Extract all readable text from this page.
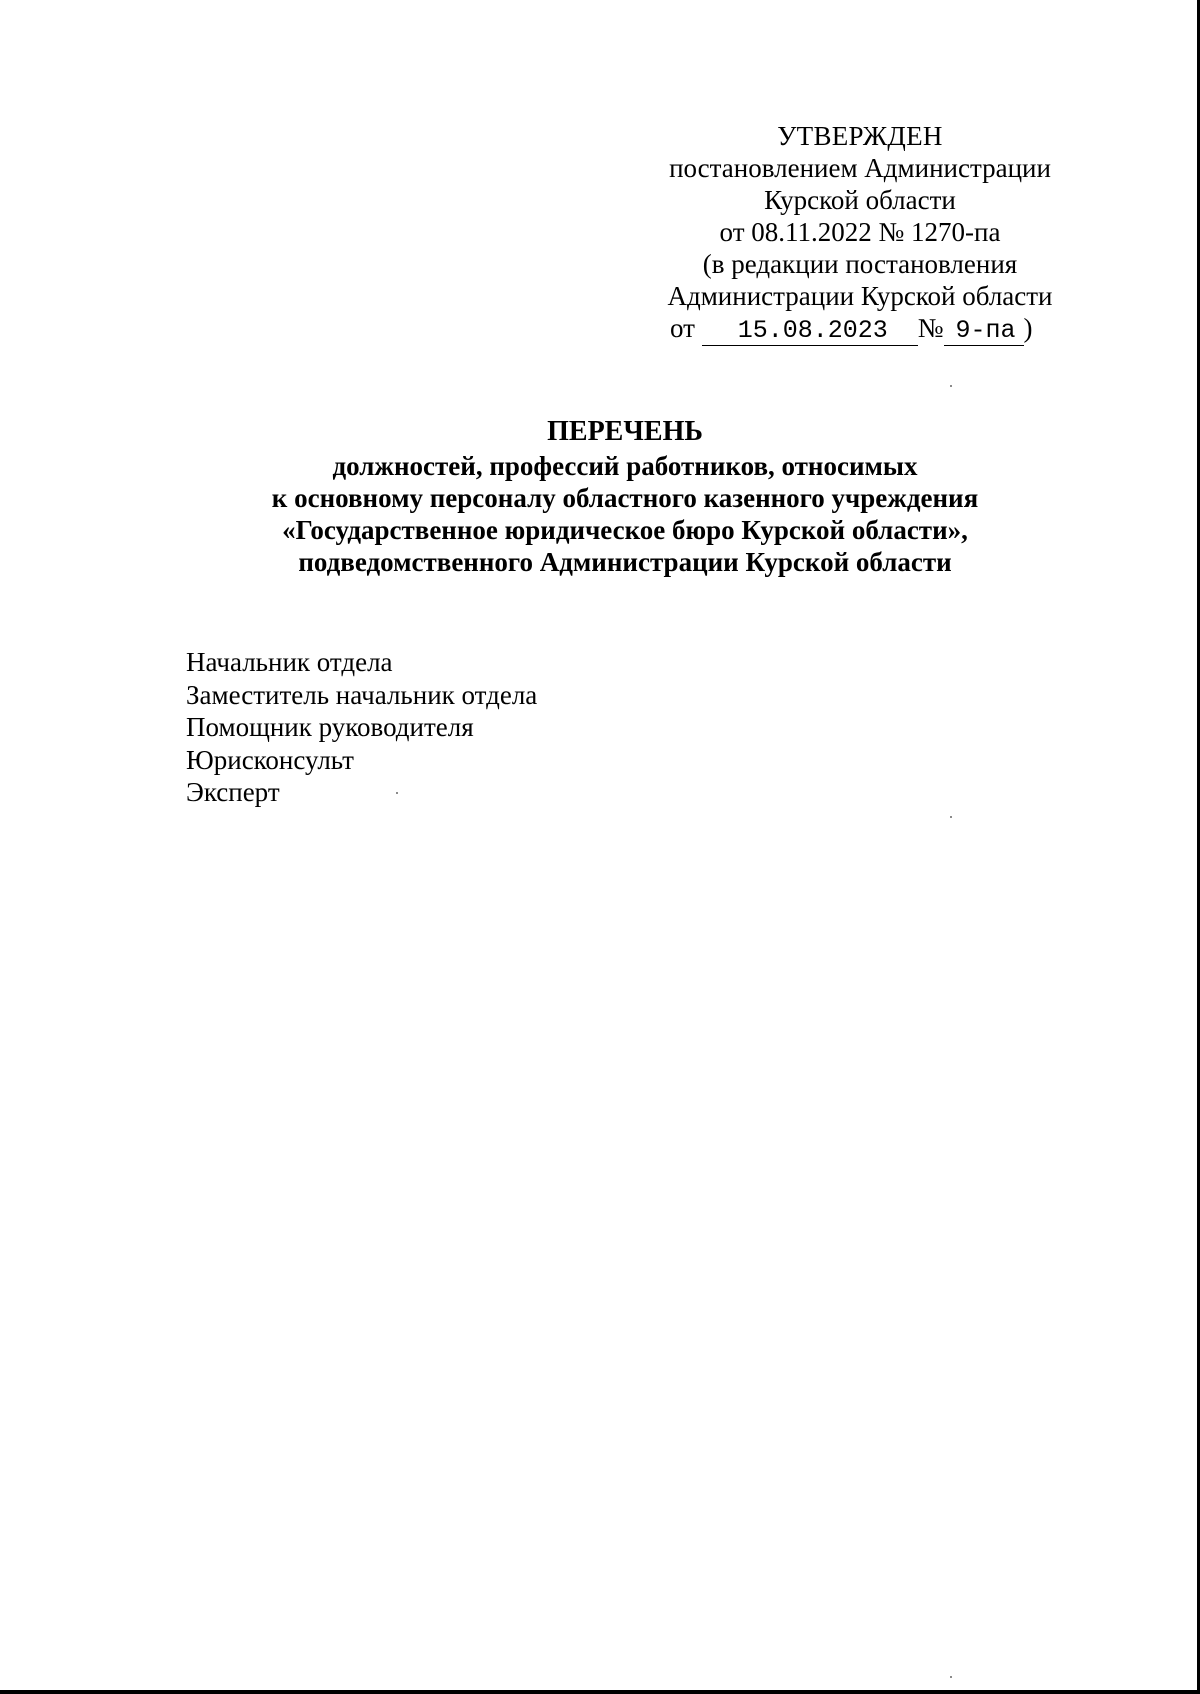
УТВЕРЖДЕН
постановлением Администрации
Курской области
от 08.11.2022 № 1270-па
(в редакции постановления
Администрации Курской области
от 15.08.2023 № 9-па )
ПЕРЕЧЕНЬ
должностей, профессий работников, относимых
к основному персоналу областного казенного учреждения
«Государственное юридическое бюро Курской области»,
подведомственного Администрации Курской области
Начальник отдела
Заместитель начальник отдела
Помощник руководителя
Юрисконсульт
Эксперт
